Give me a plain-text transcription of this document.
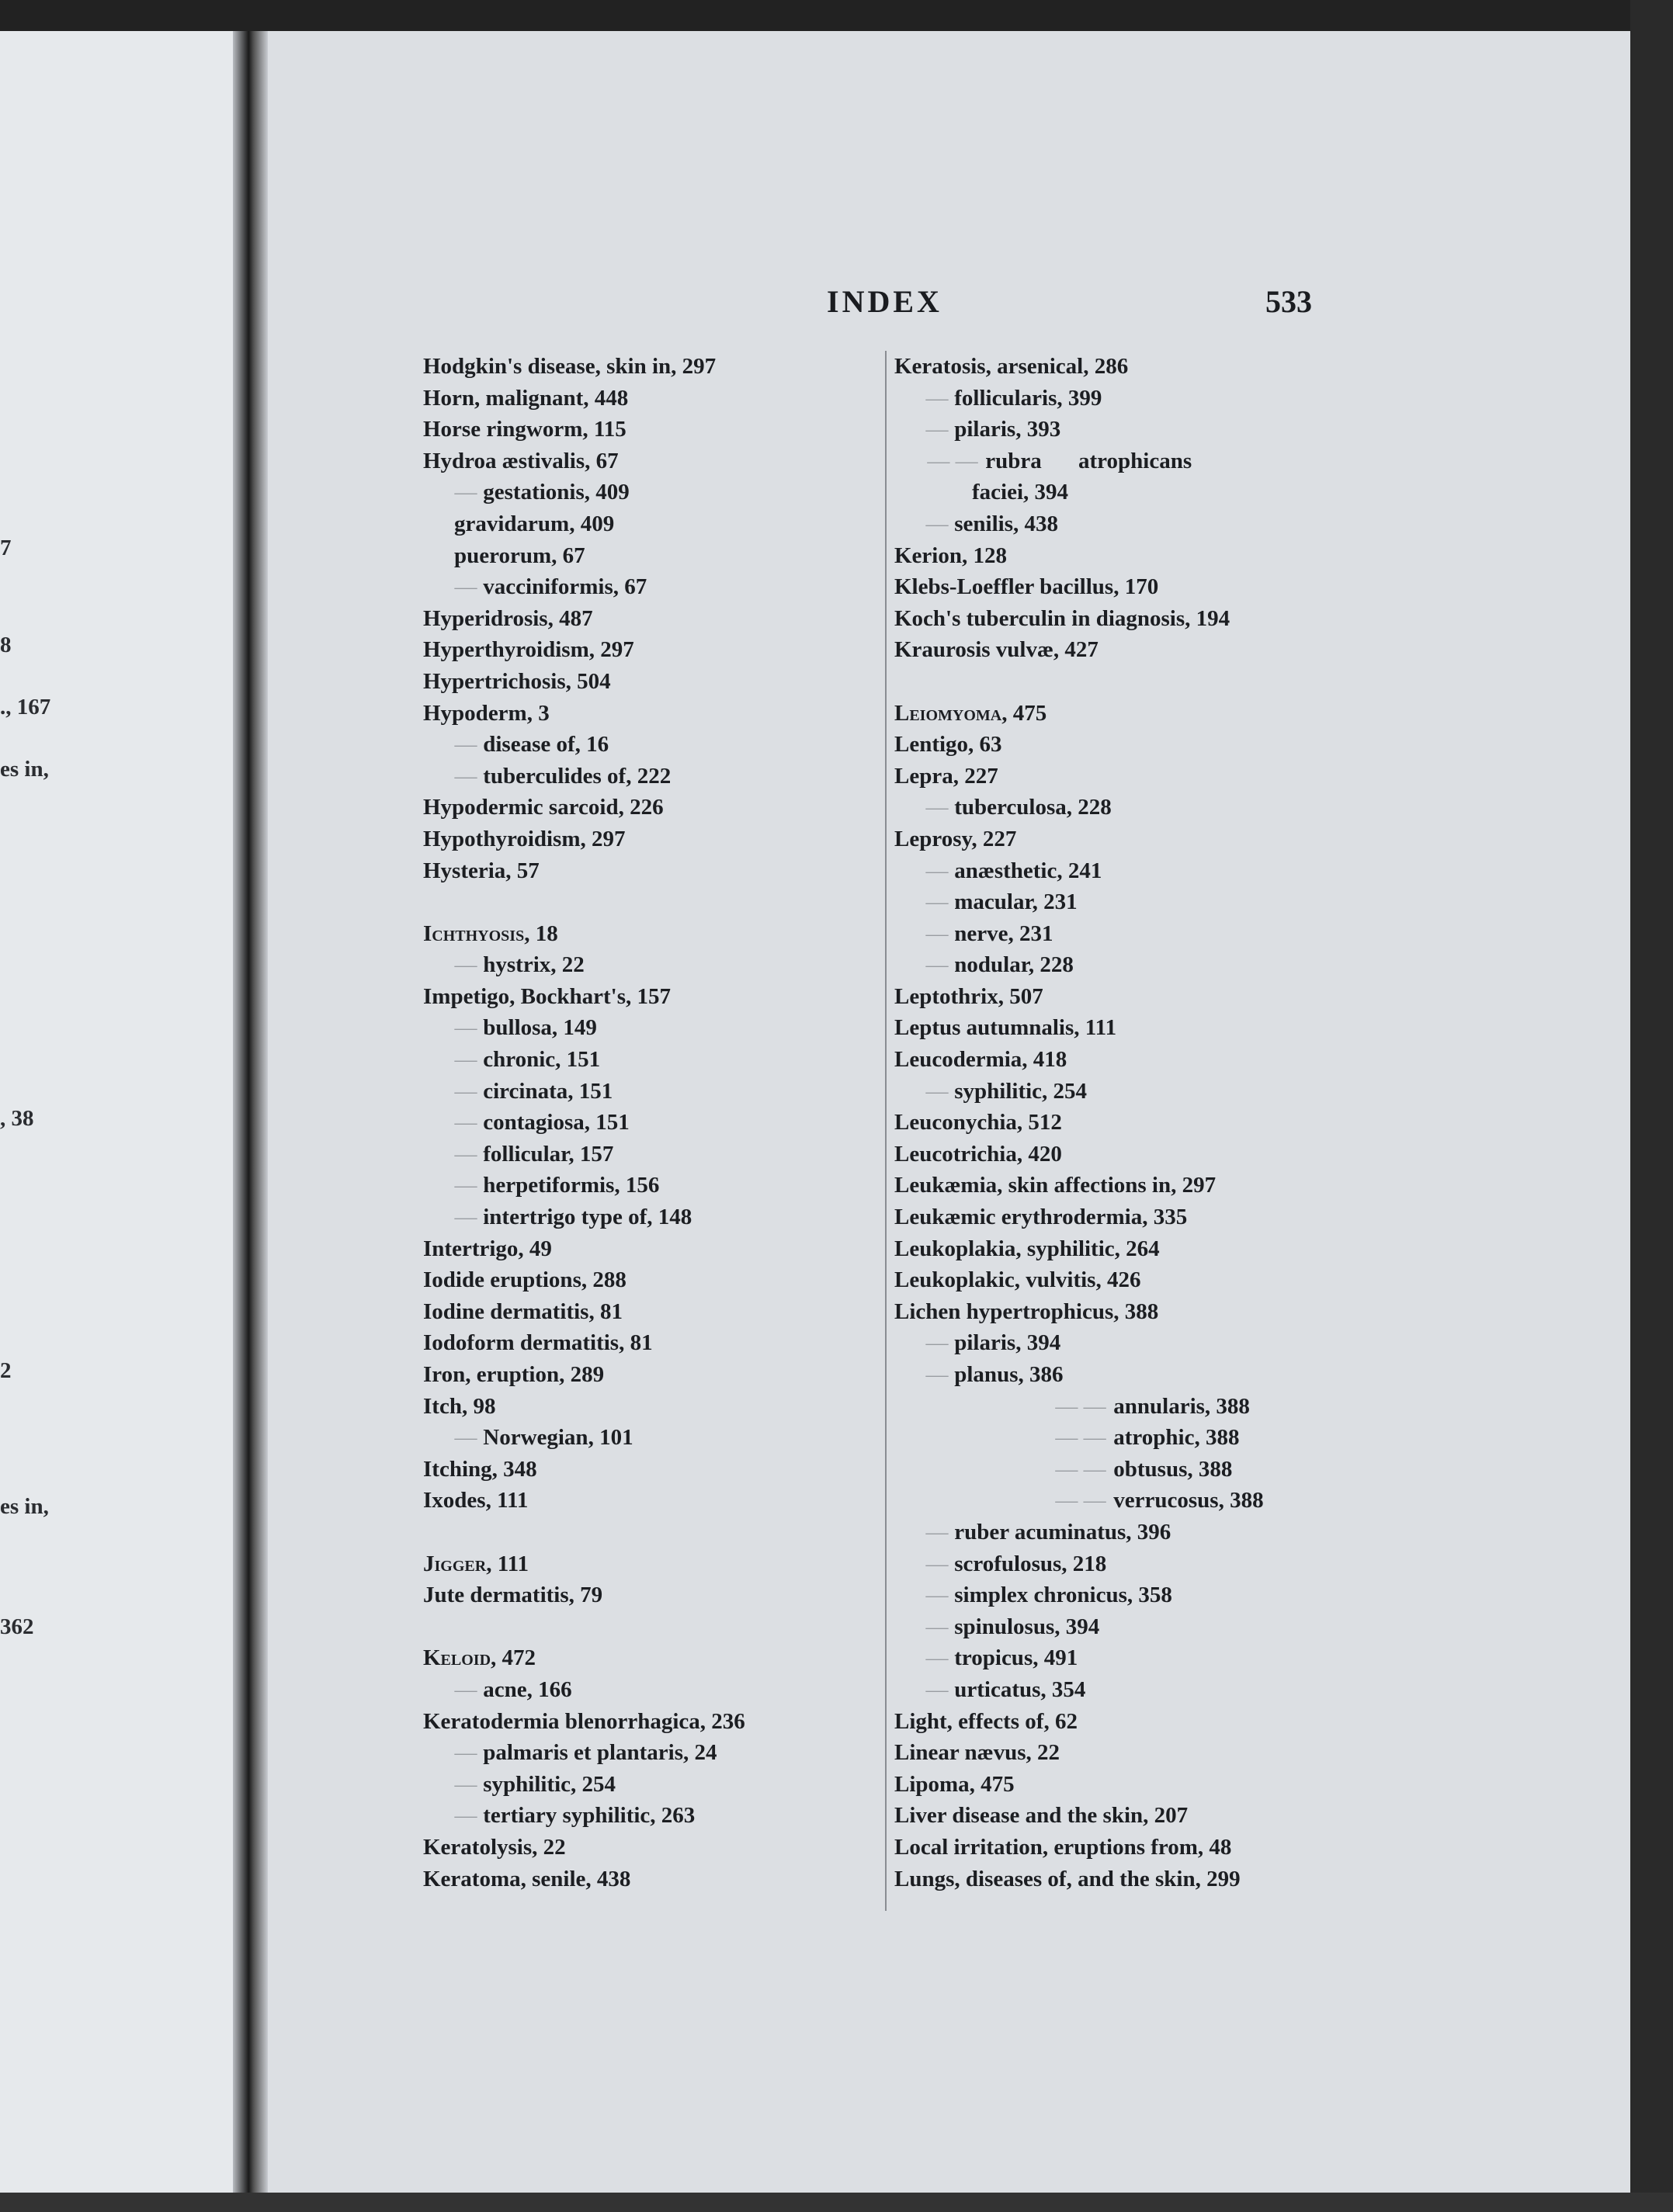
7
8
., 167
es in,
, 38
2
es in,
362
INDEX	533
Hodgkin's disease, skin in, 297
Horn, malignant, 448
Horse ringworm, 115
Hydroa æstivalis, 67
— gestationis, 409
gravidarum, 409
puerorum, 67
— vacciniformis, 67
Hyperidrosis, 487
Hyperthyroidism, 297
Hypertrichosis, 504
Hypoderm, 3
— disease of, 16
— tuberculides of, 222
Hypodermic sarcoid, 226
Hypothyroidism, 297
Hysteria, 57
Ichthyosis, 18
— hystrix, 22
Impetigo, Bockhart's, 157
— bullosa, 149
— chronic, 151
— circinata, 151
— contagiosa, 151
— follicular, 157
— herpetiformis, 156
— intertrigo type of, 148
Intertrigo, 49
Iodide eruptions, 288
Iodine dermatitis, 81
Iodoform dermatitis, 81
Iron, eruption, 289
Itch, 98
— Norwegian, 101
Itching, 348
Ixodes, 111
Jigger, 111
Jute dermatitis, 79
Keloid, 472
— acne, 166
Keratodermia blenorrhagica, 236
— palmaris et plantaris, 24
— syphilitic, 254
— tertiary syphilitic, 263
Keratolysis, 22
Keratoma, senile, 438
Keratosis, arsenical, 286
— follicularis, 399
— pilaris, 393
— — rubra atrophicans
faciei, 394
— senilis, 438
Kerion, 128
Klebs-Loeffler bacillus, 170
Koch's tuberculin in diagnosis, 194
Kraurosis vulvæ, 427
Leiomyoma, 475
Lentigo, 63
Lepra, 227
— tuberculosa, 228
Leprosy, 227
— anæsthetic, 241
— macular, 231
— nerve, 231
— nodular, 228
Leptothrix, 507
Leptus autumnalis, 111
Leucodermia, 418
— syphilitic, 254
Leuconychia, 512
Leucotrichia, 420
Leukæmia, skin affections in, 297
Leukæmic erythrodermia, 335
Leukoplakia, syphilitic, 264
Leukoplakic, vulvitis, 426
Lichen hypertrophicus, 388
— pilaris, 394
— planus, 386
— — annularis, 388
— — atrophic, 388
— — obtusus, 388
— — verrucosus, 388
— ruber acuminatus, 396
— scrofulosus, 218
— simplex chronicus, 358
— spinulosus, 394
— tropicus, 491
— urticatus, 354
Light, effects of, 62
Linear nævus, 22
Lipoma, 475
Liver disease and the skin, 207
Local irritation, eruptions from, 48
Lungs, diseases of, and the skin, 299
